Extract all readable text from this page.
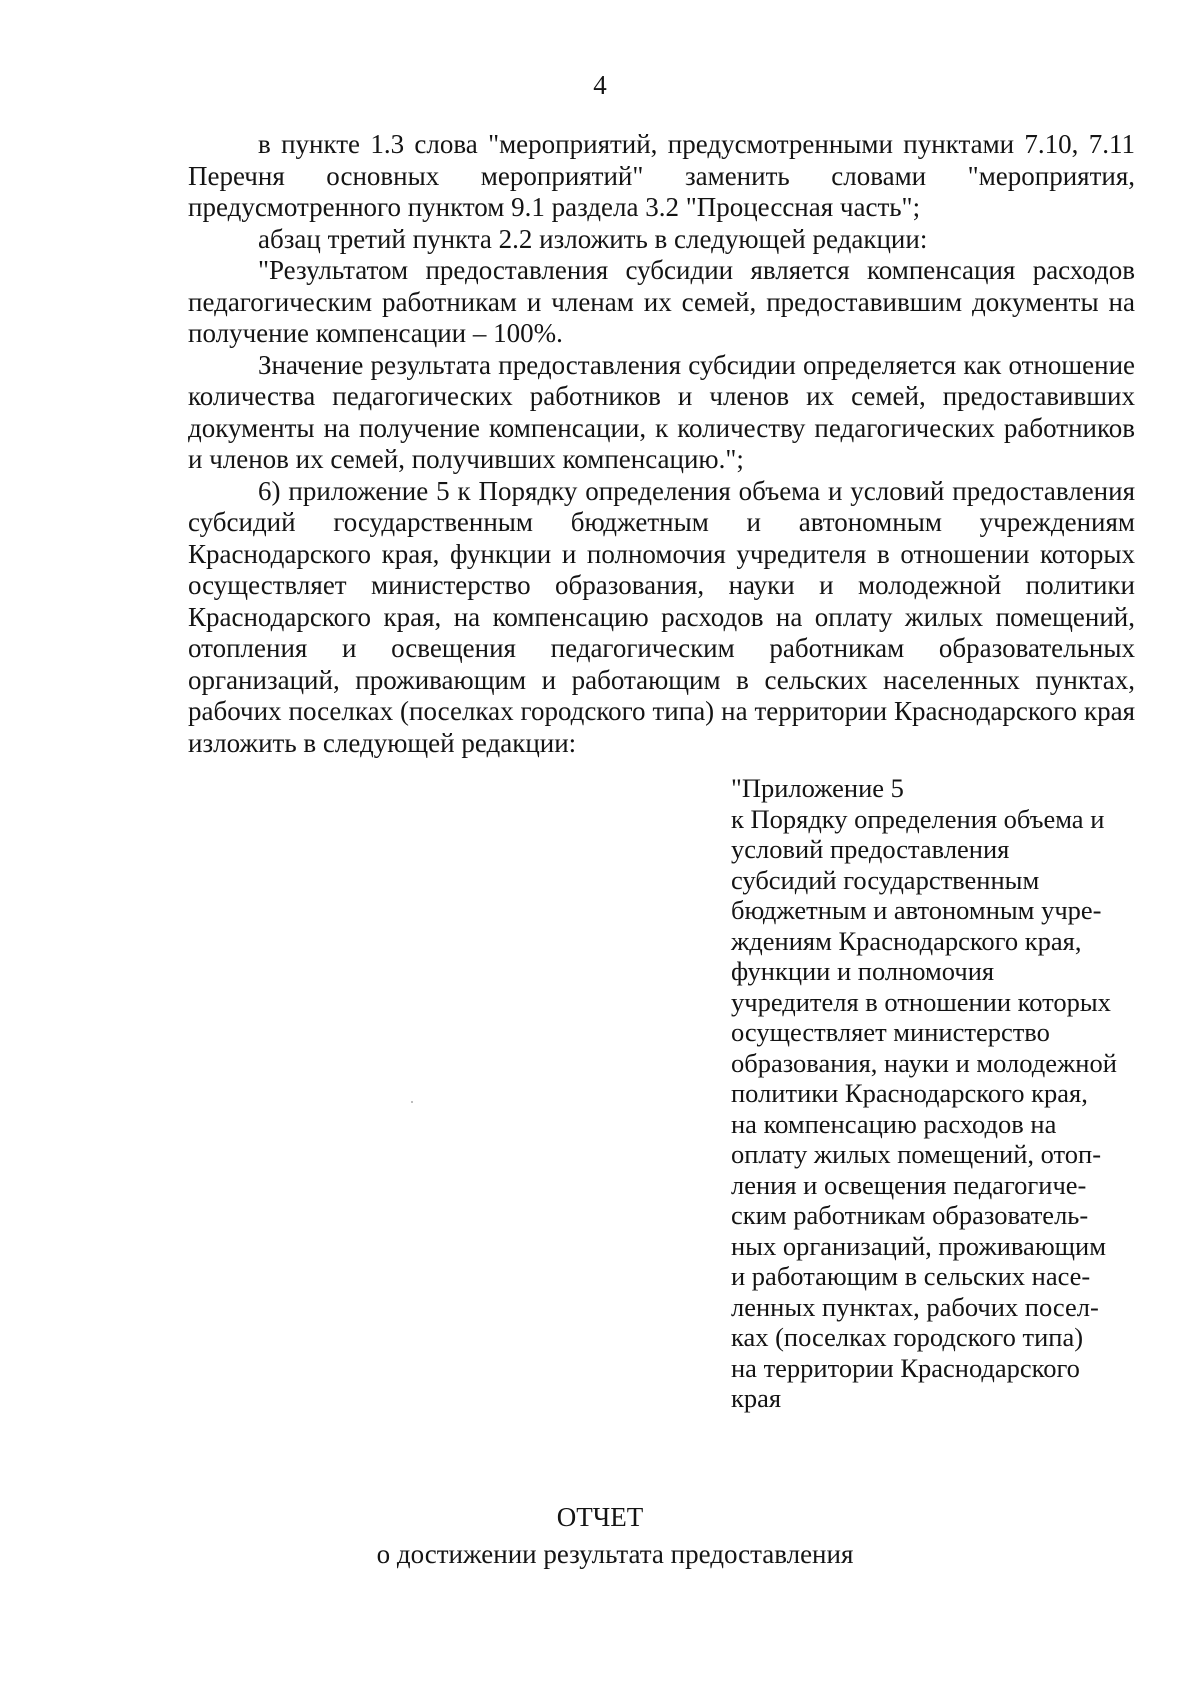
4

в пункте 1.3 слова "мероприятий, предусмотренными пунктами 7.10, 7.11 Перечня основных мероприятий" заменить словами "мероприятия, предусмотренного пунктом 9.1 раздела 3.2 "Процессная часть";

абзац третий пункта 2.2 изложить в следующей редакции:

"Результатом предоставления субсидии является компенсация расходов педагогическим работникам и членам их семей, предоставившим документы на получение компенсации – 100%.

Значение результата предоставления субсидии определяется как отношение количества педагогических работников и членов их семей, предоставивших документы на получение компенсации, к количеству педагогических работников и членов их семей, получивших компенсацию.";

6) приложение 5 к Порядку определения объема и условий предоставления субсидий государственным бюджетным и автономным учреждениям Краснодарского края, функции и полномочия учредителя в отношении которых осуществляет министерство образования, науки и молодежной политики Краснодарского края, на компенсацию расходов на оплату жилых помещений, отопления и освещения педагогическим работникам образовательных организаций, проживающим и работающим в сельских населенных пунктах, рабочих поселках (поселках городского типа) на территории Краснодарского края изложить в следующей редакции:

"Приложение 5
к Порядку определения объема и
условий предоставления
субсидий государственным
бюджетным и автономным учре-
ждениям Краснодарского края,
функции и полномочия
учредителя в отношении которых
осуществляет министерство
образования, науки и молодежной
политики Краснодарского края,
на компенсацию расходов на
оплату жилых помещений, отоп-
ления и освещения педагогиче-
ским работникам образователь-
ных организаций, проживающим
и работающим в сельских насе-
ленных пунктах, рабочих посел-
ках (поселках городского типа)
на территории Краснодарского
края
ОТЧЕТ
о достижении результата предоставления
